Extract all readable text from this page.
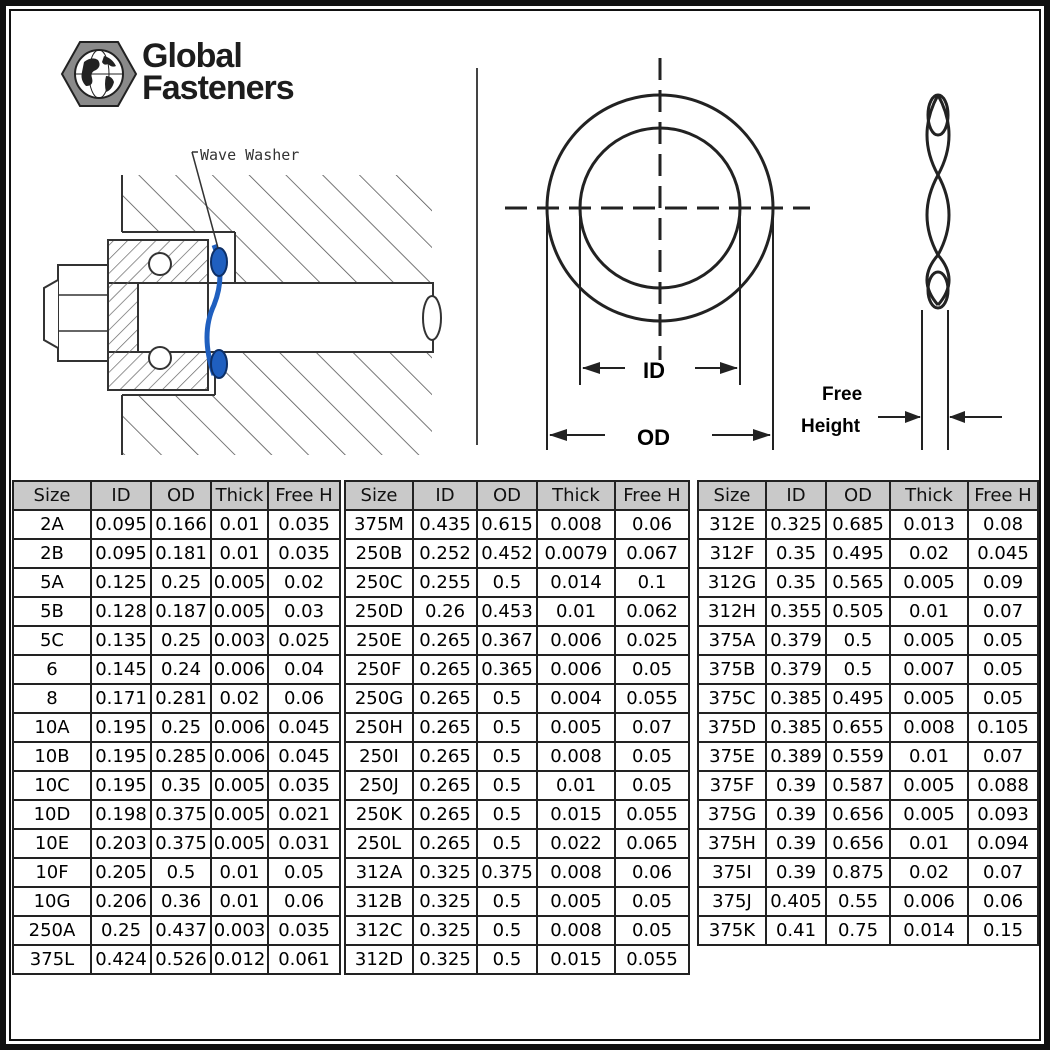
Global
Fasteners
Wave Washer
ID
OD
Free
Height
Size	ID	OD	Thick	Free H
2A	0.095	0.166	0.01	0.035
2B	0.095	0.181	0.01	0.035
5A	0.125	0.25	0.005	0.02
5B	0.128	0.187	0.005	0.03
5C	0.135	0.25	0.003	0.025
6	0.145	0.24	0.006	0.04
8	0.171	0.281	0.02	0.06
10A	0.195	0.25	0.006	0.045
10B	0.195	0.285	0.006	0.045
10C	0.195	0.35	0.005	0.035
10D	0.198	0.375	0.005	0.021
10E	0.203	0.375	0.005	0.031
10F	0.205	0.5	0.01	0.05
10G	0.206	0.36	0.01	0.06
250A	0.25	0.437	0.003	0.035
375L	0.424	0.526	0.012	0.061
Size	ID	OD	Thick	Free H
375M	0.435	0.615	0.008	0.06
250B	0.252	0.452	0.0079	0.067
250C	0.255	0.5	0.014	0.1
250D	0.26	0.453	0.01	0.062
250E	0.265	0.367	0.006	0.025
250F	0.265	0.365	0.006	0.05
250G	0.265	0.5	0.004	0.055
250H	0.265	0.5	0.005	0.07
250I	0.265	0.5	0.008	0.05
250J	0.265	0.5	0.01	0.05
250K	0.265	0.5	0.015	0.055
250L	0.265	0.5	0.022	0.065
312A	0.325	0.375	0.008	0.06
312B	0.325	0.5	0.005	0.05
312C	0.325	0.5	0.008	0.05
312D	0.325	0.5	0.015	0.055
Size	ID	OD	Thick	Free H
312E	0.325	0.685	0.013	0.08
312F	0.35	0.495	0.02	0.045
312G	0.35	0.565	0.005	0.09
312H	0.355	0.505	0.01	0.07
375A	0.379	0.5	0.005	0.05
375B	0.379	0.5	0.007	0.05
375C	0.385	0.495	0.005	0.05
375D	0.385	0.655	0.008	0.105
375E	0.389	0.559	0.01	0.07
375F	0.39	0.587	0.005	0.088
375G	0.39	0.656	0.005	0.093
375H	0.39	0.656	0.01	0.094
375I	0.39	0.875	0.02	0.07
375J	0.405	0.55	0.006	0.06
375K	0.41	0.75	0.014	0.15
